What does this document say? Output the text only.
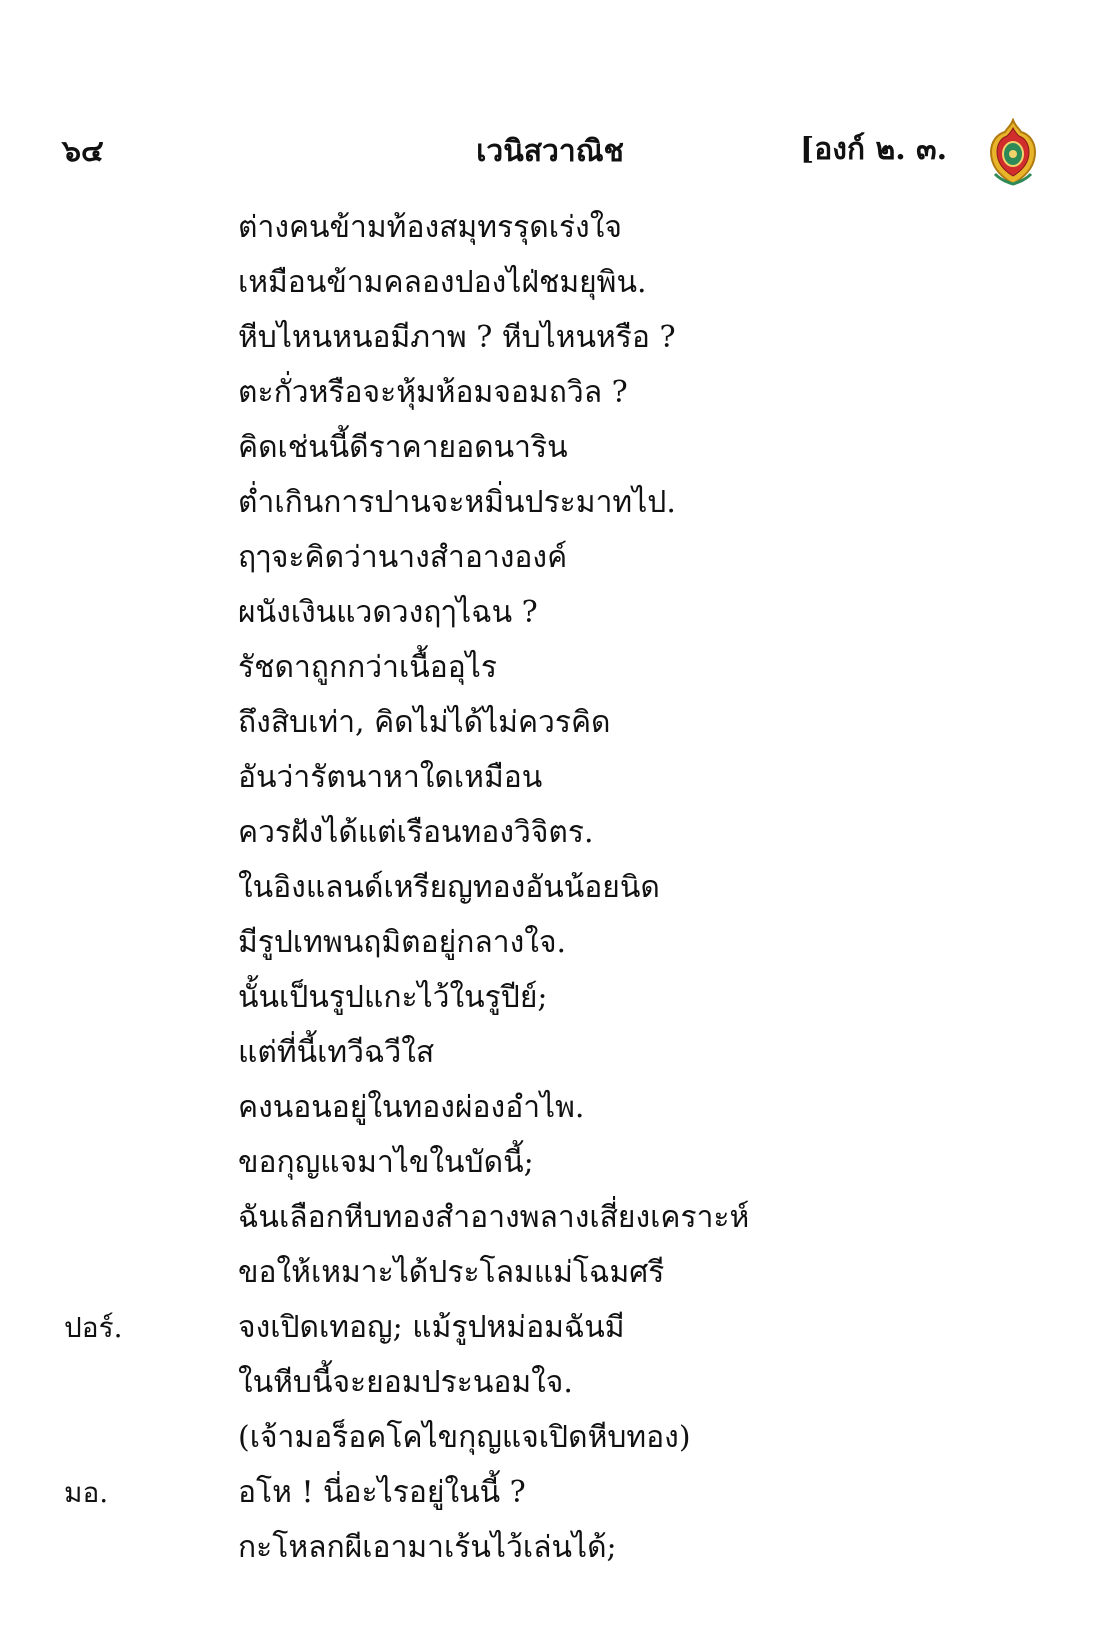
๖๔	เวนิสวาณิช	[องก์ ๒. ๓.
ต่างคนข้ามท้องสมุทรรุดเร่งใจ
เหมือนข้ามคลองปองไฝ่ชมยุพิน.
หีบไหนหนอมีภาพ ? หีบไหนหรือ ?
ตะกั่วหรือจะหุ้มห้อมจอมถวิล ?
คิดเช่นนี้ดีราคายอดนาริน
ต่ำเกินการปานจะหมิ่นประมาทไป.
ฤๅจะคิดว่านางสำอางองค์
ผนังเงินแวดวงฤๅไฉน ?
รัชดาถูกกว่าเนื้ออุไร
ถึงสิบเท่า, คิดไม่ได้ไม่ควรคิด
อันว่ารัตนาหาใดเหมือน
ควรฝังได้แต่เรือนทองวิจิตร.
ในอิงแลนด์เหรียญทองอันน้อยนิด
มีรูปเทพนฤมิตอยู่กลางใจ.
นั้นเป็นรูปแกะไว้ในรูปีย์;
แต่ที่นี้เทวีฉวีใส
คงนอนอยู่ในทองผ่องอำไพ.
ขอกุญแจมาไขในบัดนี้;
ฉันเลือกหีบทองสำอางพลางเสี่ยงเคราะห์
ขอให้เหมาะได้ประโลมแม่โฉมศรี
ปอร์.	จงเปิดเทอญ; แม้รูปหม่อมฉันมี
ในหีบนี้จะยอมประนอมใจ.
(เจ้ามอร็อคโคไขกุญแจเปิดหีบทอง)
มอ.	อโห ! นี่อะไรอยู่ในนี้ ?
กะโหลกผีเอามาเร้นไว้เล่นได้;
